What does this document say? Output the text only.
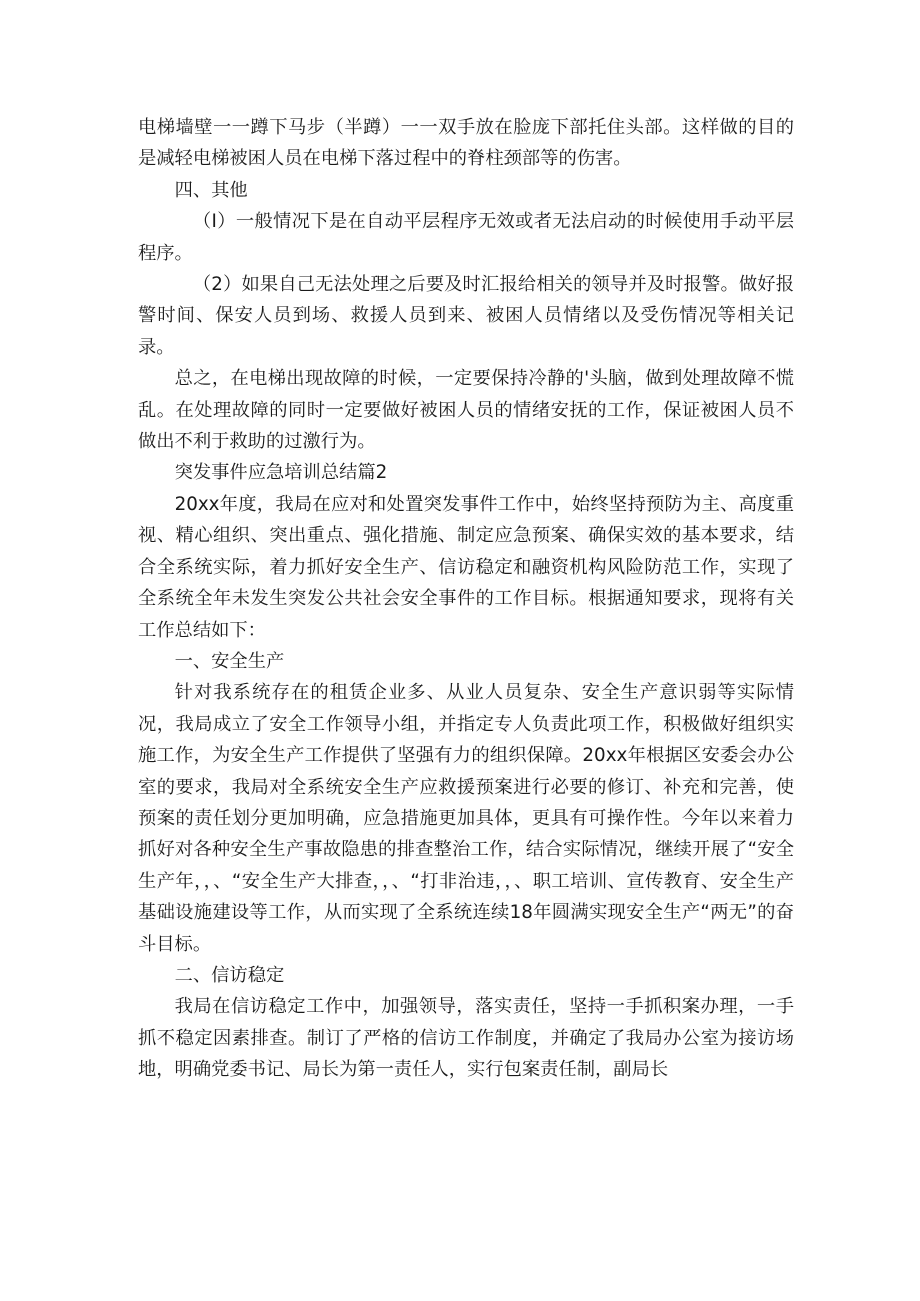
电梯墙壁一一蹲下马步（半蹲）一一双手放在脸庞下部托住头部。这样做的目的是减轻电梯被困人员在电梯下落过程中的脊柱颈部等的伤害。

四、其他

（I）一般情况下是在自动平层程序无效或者无法启动的时候使用手动平层程序。

（2）如果自己无法处理之后要及时汇报给相关的领导并及时报警。做好报警时间、保安人员到场、救援人员到来、被困人员情绪以及受伤情况等相关记录。

总之，在电梯出现故障的时候，一定要保持冷静的'头脑，做到处理故障不慌乱。在处理故障的同时一定要做好被困人员的情绪安抚的工作，保证被困人员不做出不利于救助的过激行为。

突发事件应急培训总结篇2

20xx年度，我局在应对和处置突发事件工作中，始终坚持预防为主、高度重视、精心组织、突出重点、强化措施、制定应急预案、确保实效的基本要求，结合全系统实际，着力抓好安全生产、信访稳定和融资机构风险防范工作，实现了全系统全年未发生突发公共社会安全事件的工作目标。根据通知要求，现将有关工作总结如下：

一、安全生产

针对我系统存在的租赁企业多、从业人员复杂、安全生产意识弱等实际情况，我局成立了安全工作领导小组，并指定专人负责此项工作，积极做好组织实施工作，为安全生产工作提供了坚强有力的组织保障。20xx年根据区安委会办公室的要求，我局对全系统安全生产应救援预案进行必要的修订、补充和完善，使预案的责任划分更加明确，应急措施更加具体，更具有可操作性。今年以来着力抓好对各种安全生产事故隐患的排查整治工作，结合实际情况，继续开展了“安全生产年，，、“安全生产大排查，，、“打非治违，，、职工培训、宣传教育、安全生产基础设施建设等工作，从而实现了全系统连续18年圆满实现安全生产“两无”的奋斗目标。

二、信访稳定

我局在信访稳定工作中，加强领导，落实责任，坚持一手抓积案办理，一手抓不稳定因素排查。制订了严格的信访工作制度，并确定了我局办公室为接访场地，明确党委书记、局长为第一责任人，实行包案责任制，副局长
